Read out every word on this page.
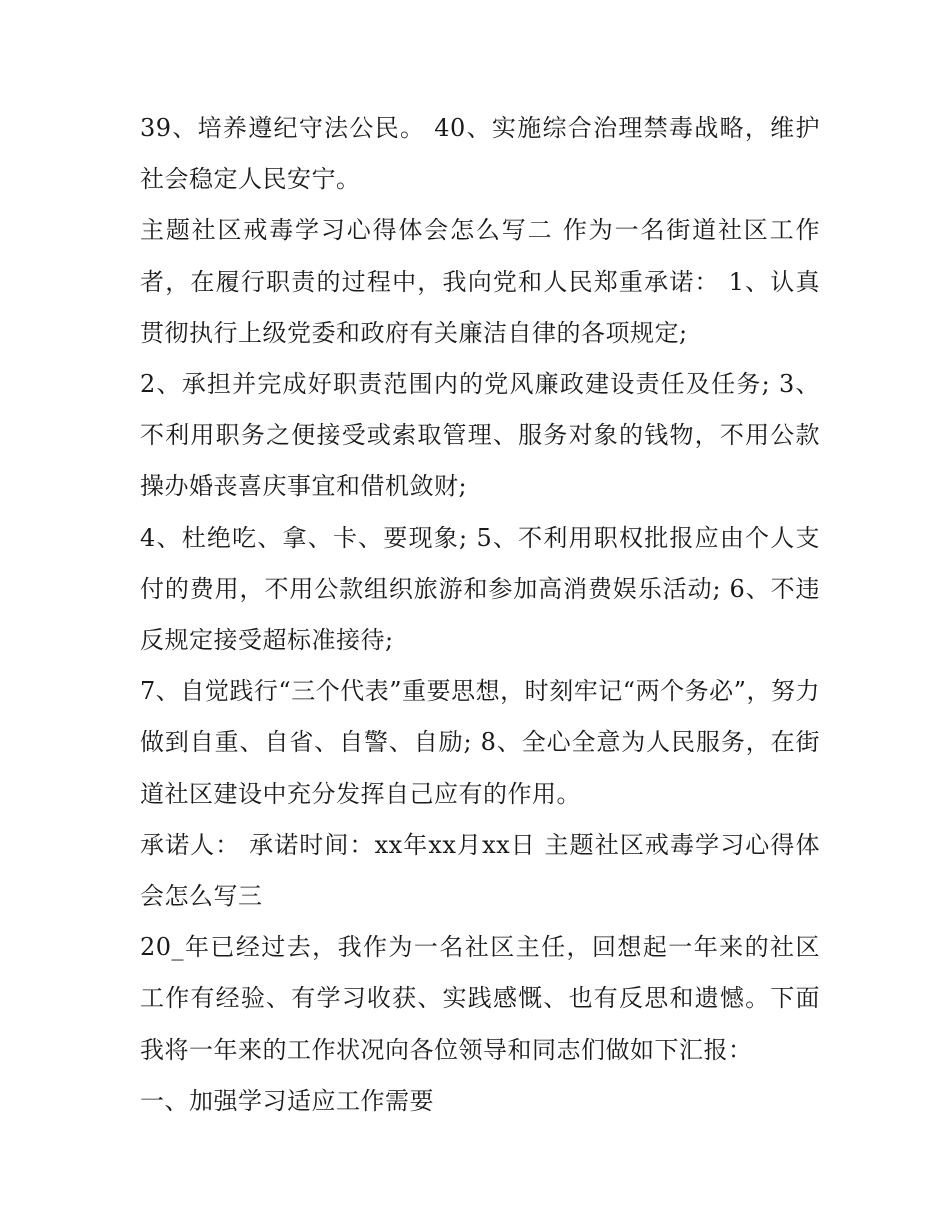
39、培养遵纪守法公民。 40、实施综合治理禁毒战略，维护社会稳定人民安宁。

主题社区戒毒学习心得体会怎么写二 作为一名街道社区工作者，在履行职责的过程中，我向党和人民郑重承诺： 1、认真贯彻执行上级党委和政府有关廉洁自律的各项规定;

2、承担并完成好职责范围内的党风廉政建设责任及任务; 3、不利用职务之便接受或索取管理、服务对象的钱物，不用公款操办婚丧喜庆事宜和借机敛财;

4、杜绝吃、拿、卡、要现象; 5、不利用职权批报应由个人支付的费用，不用公款组织旅游和参加高消费娱乐活动; 6、不违反规定接受超标准接待;

7、自觉践行“三个代表”重要思想，时刻牢记“两个务必”，努力做到自重、自省、自警、自励; 8、全心全意为人民服务，在街道社区建设中充分发挥自己应有的作用。

承诺人： 承诺时间：xx年xx月xx日 主题社区戒毒学习心得体会怎么写三

20_年已经过去，我作为一名社区主任，回想起一年来的社区工作有经验、有学习收获、实践感慨、也有反思和遗憾。下面我将一年来的工作状况向各位领导和同志们做如下汇报：

一、加强学习适应工作需要
